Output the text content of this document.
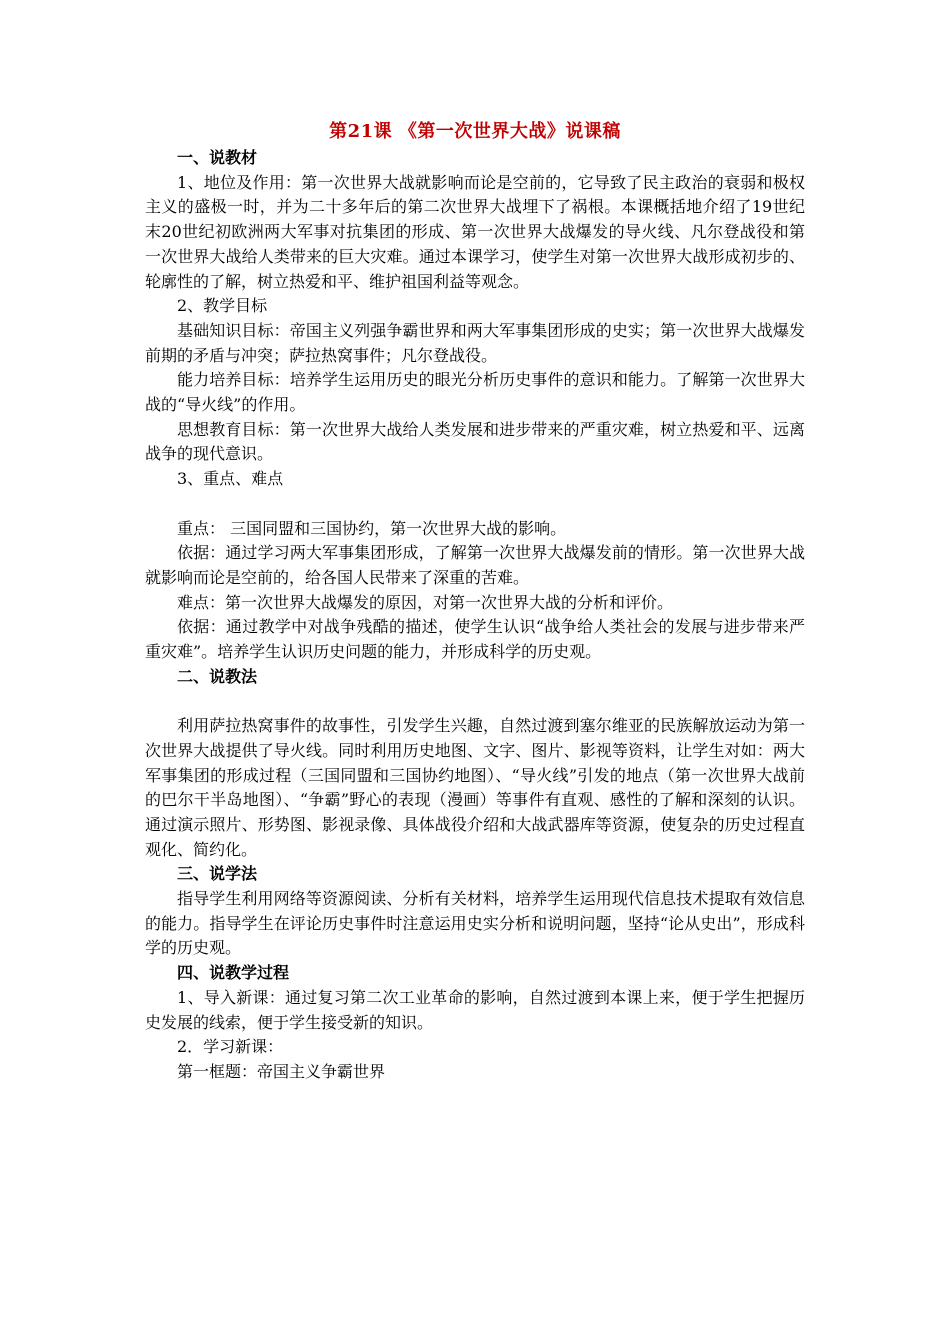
第21课 《第一次世界大战》说课稿

一、说教材

1、地位及作用：第一次世界大战就影响而论是空前的，它导致了民主政治的衰弱和极权主义的盛极一时，并为二十多年后的第二次世界大战埋下了祸根。本课概括地介绍了19世纪末20世纪初欧洲两大军事对抗集团的形成、第一次世界大战爆发的导火线、凡尔登战役和第一次世界大战给人类带来的巨大灾难。通过本课学习，使学生对第一次世界大战形成初步的、轮廓性的了解，树立热爱和平、维护祖国利益等观念。

2、教学目标

基础知识目标：帝国主义列强争霸世界和两大军事集团形成的史实；第一次世界大战爆发前期的矛盾与冲突；萨拉热窝事件；凡尔登战役。

能力培养目标：培养学生运用历史的眼光分析历史事件的意识和能力。了解第一次世界大战的“导火线”的作用。

思想教育目标：第一次世界大战给人类发展和进步带来的严重灾难，树立热爱和平、远离战争的现代意识。

3、重点、难点

重点： 三国同盟和三国协约，第一次世界大战的影响。

依据：通过学习两大军事集团形成，了解第一次世界大战爆发前的情形。第一次世界大战就影响而论是空前的，给各国人民带来了深重的苦难。

难点：第一次世界大战爆发的原因，对第一次世界大战的分析和评价。

依据：通过教学中对战争残酷的描述，使学生认识“战争给人类社会的发展与进步带来严重灾难”。培养学生认识历史问题的能力，并形成科学的历史观。

二、说教法

利用萨拉热窝事件的故事性，引发学生兴趣，自然过渡到塞尔维亚的民族解放运动为第一次世界大战提供了导火线。同时利用历史地图、文字、图片、影视等资料，让学生对如：两大军事集团的形成过程（三国同盟和三国协约地图）、“导火线”引发的地点（第一次世界大战前的巴尔干半岛地图）、“争霸”野心的表现（漫画）等事件有直观、感性的了解和深刻的认识。 通过演示照片、形势图、影视录像、具体战役介绍和大战武器库等资源，使复杂的历史过程直观化、简约化。

三、说学法

指导学生利用网络等资源阅读、分析有关材料，培养学生运用现代信息技术提取有效信息的能力。指导学生在评论历史事件时注意运用史实分析和说明问题，坚持“论从史出”，形成科学的历史观。

四、说教学过程

1、导入新课：通过复习第二次工业革命的影响，自然过渡到本课上来，便于学生把握历史发展的线索，便于学生接受新的知识。

2．学习新课：

第一框题：帝国主义争霸世界
